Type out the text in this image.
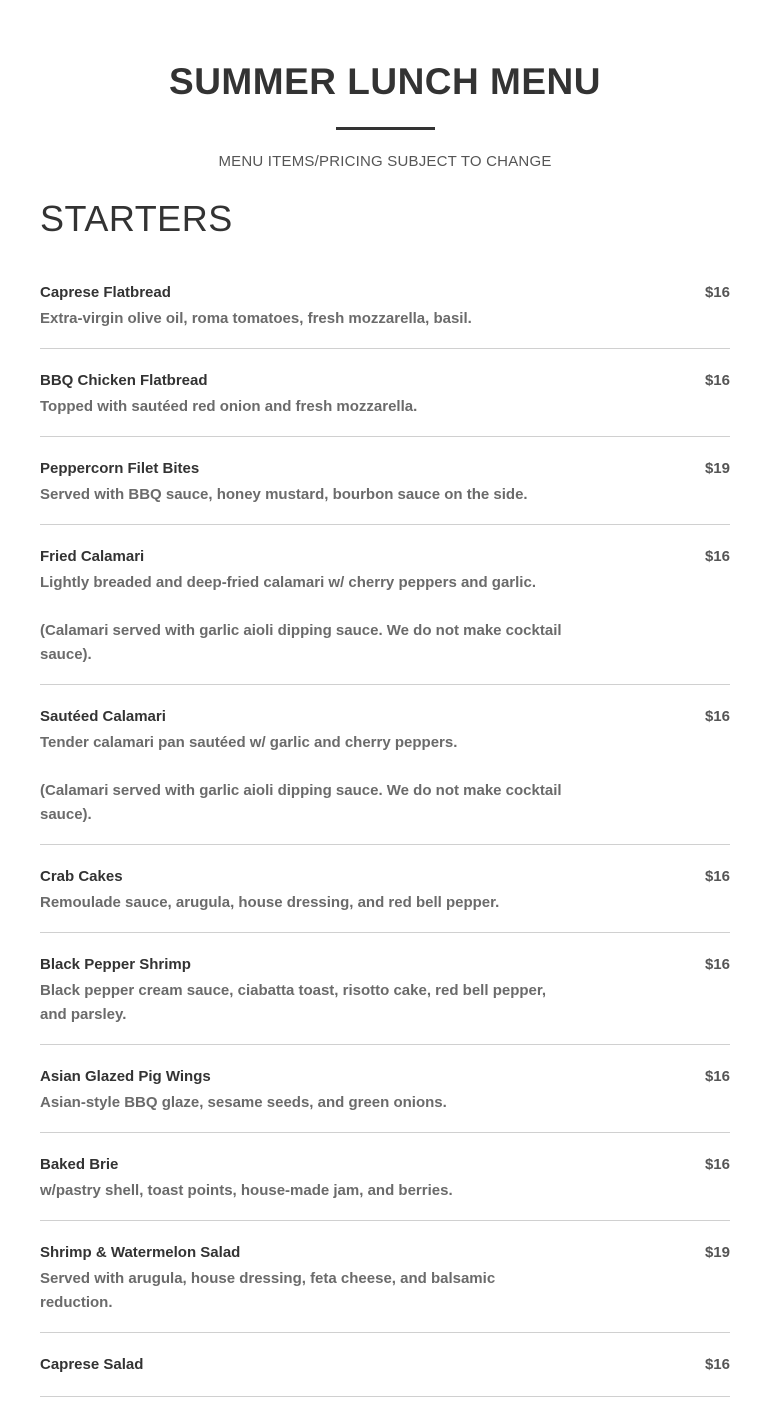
SUMMER LUNCH MENU
MENU ITEMS/PRICING SUBJECT TO CHANGE
STARTERS
Caprese Flatbread	$16

Extra-virgin olive oil, roma tomatoes, fresh mozzarella, basil.

BBQ Chicken Flatbread	$16

Topped with sautéed red onion and fresh mozzarella.

Peppercorn Filet Bites	$19

Served with BBQ sauce, honey mustard, bourbon sauce on the side.

Fried Calamari	$16

Lightly breaded and deep-fried calamari w/ cherry peppers and garlic.

(Calamari served with garlic aioli dipping sauce. We do not make cocktail sauce).

Sautéed Calamari	$16

Tender calamari pan sautéed w/ garlic and cherry peppers.

(Calamari served with garlic aioli dipping sauce. We do not make cocktail sauce).

Crab Cakes	$16

Remoulade sauce, arugula, house dressing, and red bell pepper.

Black Pepper Shrimp	$16

Black pepper cream sauce, ciabatta toast, risotto cake, red bell pepper, and parsley.

Asian Glazed Pig Wings	$16

Asian-style BBQ glaze, sesame seeds, and green onions.

Baked Brie	$16

w/pastry shell, toast points, house-made jam, and berries.

Shrimp & Watermelon Salad	$19

Served with arugula, house dressing, feta cheese, and balsamic reduction.

Caprese Salad	$16
